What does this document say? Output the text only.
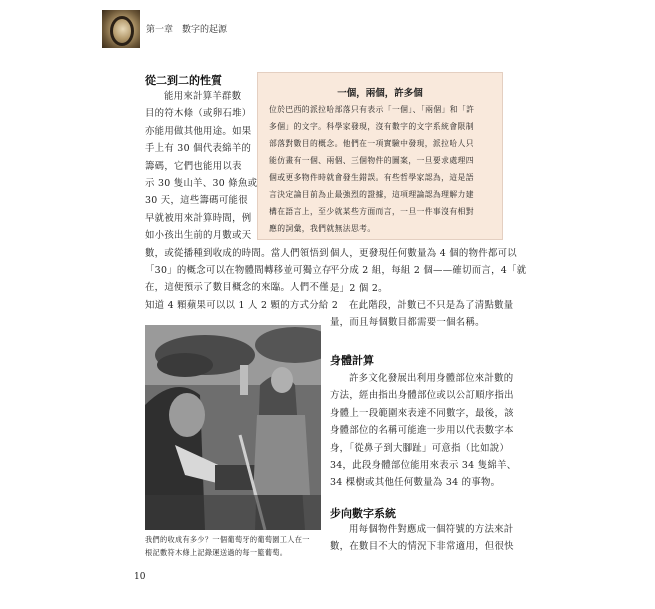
第一章　數字的起源
從二到二的性質
能用來計算羊群數
目的符木條（或卵石堆）
亦能用做其他用途。如果
手上有 30 個代表綿羊的
籌碼，它們也能用以表
示 30 隻山羊、30 條魚或
30 天，這些籌碼可能很
早就被用來計算時間，例
如小孩出生前的月數或天
數，或從播種到收成的時間。當人們領悟到
「30」的概念可以在物體間轉移並可獨立存
在，這便預示了數目概念的來臨。人們不僅
知道 4 顆蘋果可以以 1 人 2 顆的方式分給 2
一個，兩個，許多個
位於巴西的派拉哈部落只有表示「一個」、「兩個」和「許
多個」的文字。科學家發現，沒有數字的文字系統會限制
部落對數目的概念。他們在一項實驗中發現，派拉哈人只
能仿畫有一個、兩個、三個物件的圖案，一旦要求處理四
個或更多物件時就會發生錯誤。有些哲學家認為，這是語
言決定論目前為止最強烈的證據，這項理論認為理解力建
構在語言上，至少就某些方面而言，一旦一件事沒有相對
應的詞彙，我們就無法思考。
個人，更發現任何數量為 4 個的物件都可以
平分成 2 組，每組 2 個——確切而言，4「就
是」2 個 2。
在此階段，計數已不只是為了清點數量
量，而且每個數目都需要一個名稱。
許多文化發展出利用身體部位來計數的
方法，經由指出身體部位或以公訂順序指出
身體上一段範圍來表達不同數字，最後，該
身體部位的名稱可能進一步用以代表數字本
身，「從鼻子到大腳趾」可意指（比如說）
34，此段身體部位能用來表示 34 隻綿羊、
34 棵樹或其他任何數量為 34 的事物。
用每個物件對應成一個符號的方法來計
數，在數目不大的情況下非常適用，但很快
身體計算
步向數字系統
我們的收成有多少？一個葡萄牙的葡萄園工人在一
根記數符木條上記錄運送過的每一籃葡萄。
10
